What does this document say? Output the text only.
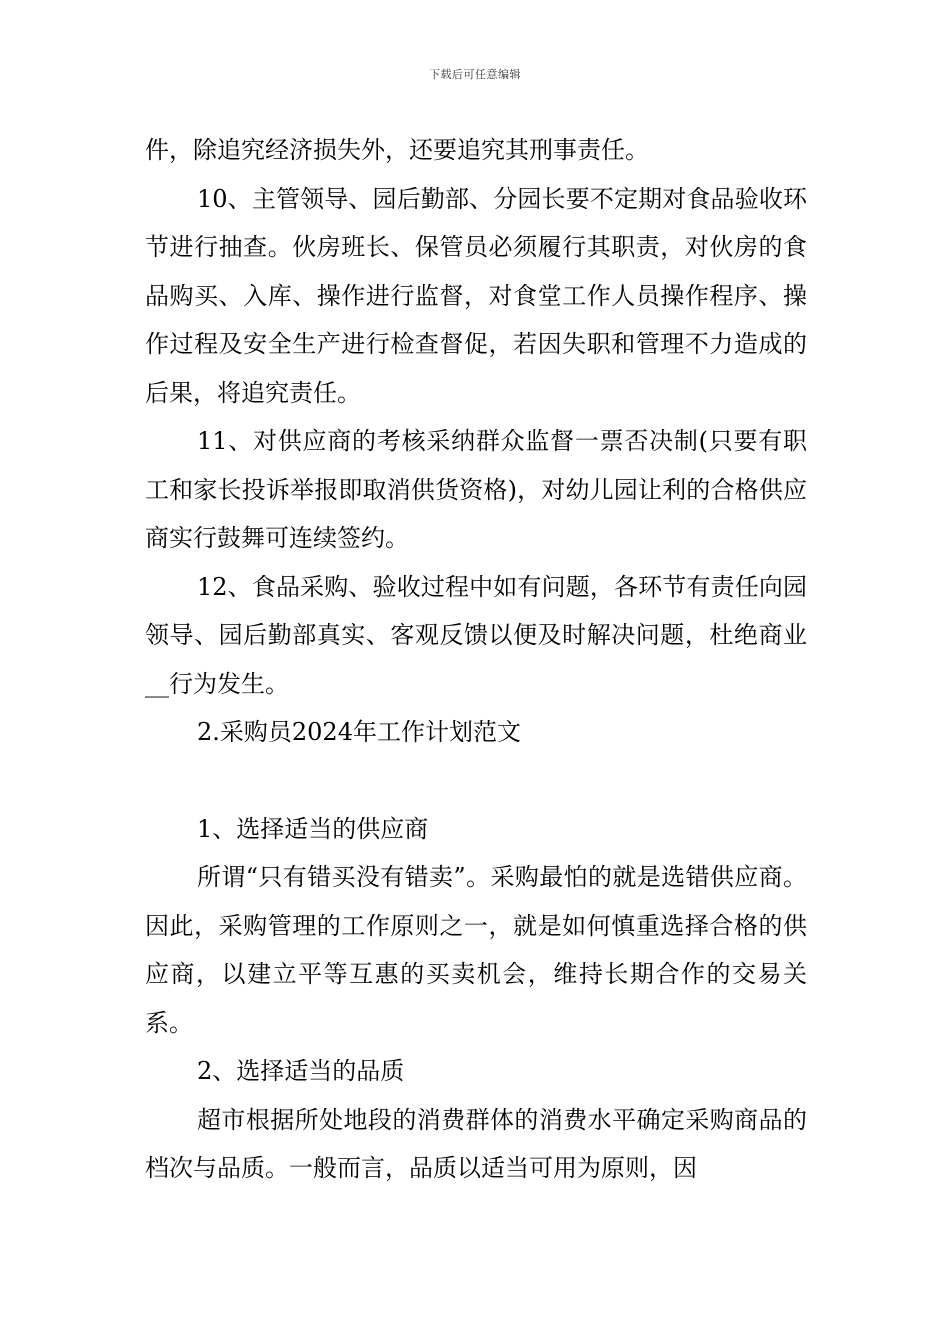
下载后可任意编辑

件，除追究经济损失外，还要追究其刑事责任。

10、主管领导、园后勤部、分园长要不定期对食品验收环节进行抽查。伙房班长、保管员必须履行其职责，对伙房的食品购买、入库、操作进行监督，对食堂工作人员操作程序、操作过程及安全生产进行检查督促，若因失职和管理不力造成的后果，将追究责任。

11、对供应商的考核采纳群众监督一票否决制(只要有职工和家长投诉举报即取消供货资格)，对幼儿园让利的合格供应商实行鼓舞可连续签约。

12、食品采购、验收过程中如有问题，各环节有责任向园领导、园后勤部真实、客观反馈以便及时解决问题，杜绝商业__行为发生。

2.采购员2024年工作计划范文

1、选择适当的供应商

所谓“只有错买没有错卖”。采购最怕的就是选错供应商。因此，采购管理的工作原则之一，就是如何慎重选择合格的供应商，以建立平等互惠的买卖机会，维持长期合作的交易关系。

2、选择适当的品质

超市根据所处地段的消费群体的消费水平确定采购商品的档次与品质。一般而言，品质以适当可用为原则，因
